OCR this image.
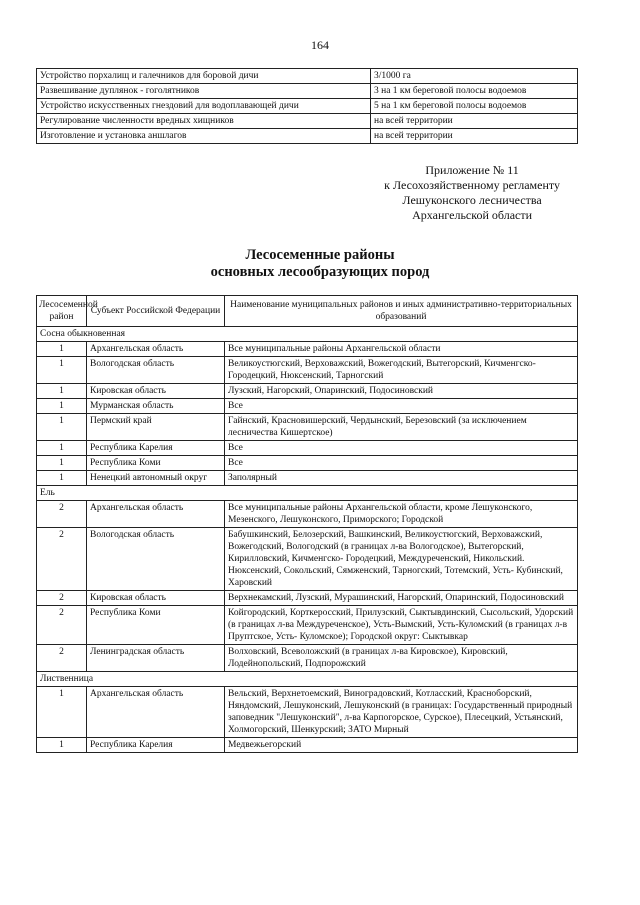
164
Устройство порхалищ и галечников для боровой дичи	3/1000 га
Развешивание дуплянок - гоголятников	3 на 1 км береговой полосы водоемов
Устройство искусственных гнездовий для водоплавающей дичи	5 на 1 км береговой полосы водоемов
Регулирование численности вредных хищников	на всей территории
Изготовление и установка аншлагов	на всей территории
Приложение № 11
к Лесохозяйственному регламенту
Лешуконского лесничества
Архангельской области
Лесосеменные районы
основных лесообразующих пород
Лесосеменной район	Субъект Российской Федерации	Наименование муниципальных районов и иных административно-территориальных образований
Сосна обыкновенная		
1	Архангельская область	Все муниципальные районы Архангельской области
1	Вологодская область	Великоустюгский, Верховажский, Вожегодский, Вытегорский, Кичменгско-Городецкий, Нюксенский, Тарногский
1	Кировская область	Лузский, Нагорский, Опаринский, Подосиновский
1	Мурманская область	Все
1	Пермский край	Гайнский, Красновишерский, Чердынский, Березовский (за исключением лесничества Кишертское)
1	Республика Карелия	Все
1	Республика Коми	Все
1	Ненецкий автономный округ	Заполярный
Ель		
2	Архангельская область	Все муниципальные районы Архангельской области, кроме Лешуконского, Мезенского, Лешуконского, Приморского; Городской
2	Вологодская область	Бабушкинский, Белозерский, Вашкинский, Великоустюгский, Верховажский, Вожегодский, Вологодский (в границах л-ва Вологодское), Вытегорский, Кирилловский, Кичменгско- Городецкий, Междуреченский, Никольский. Нюксенский, Сокольский, Сямженский, Тарногский, Тотемский, Усть- Кубинский, Харовский
2	Кировская область	Верхнекамский, Лузский, Мурашинский, Нагорский, Опаринский, Подосиновский
2	Республика Коми	Койгородский, Корткеросский, Прилузский, Сыктывдинский, Сысольский, Удорский (в границах л-ва Междуреченское), Усть-Вымский, Усть-Куломский (в границах л-в Пруптское, Усть- Куломское); Городской округ: Сыктывкар
2	Ленинградская область	Волховский, Всеволожский (в границах л-ва Кировское), Кировский, Лодейнопольский, Подпорожский
Лиственница		
1	Архангельская область	Вельский, Верхнетоемский, Виноградовский, Котласский, Красноборский, Няндомский, Лешуконский, Лешуконский (в границах: Государственный природный заповедник "Лешуконский", л-ва Карпогорское, Сурское), Плесецкий, Устьянский, Холмогорский, Шенкурский; ЗАТО Мирный
1	Республика Карелия	Медвежьегорский
